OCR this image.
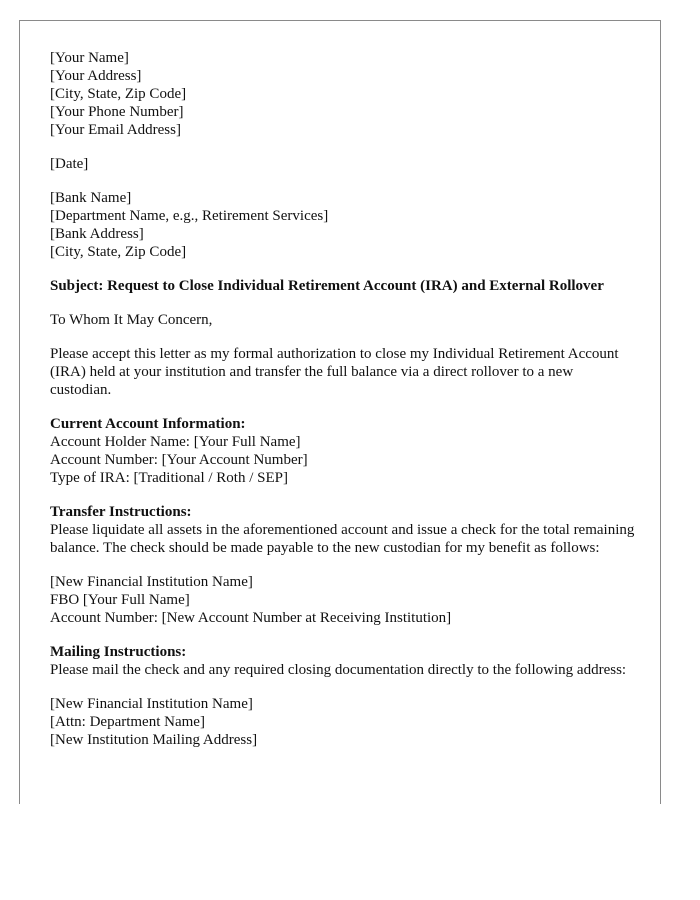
[Your Name]
[Your Address]
[City, State, Zip Code]
[Your Phone Number]
[Your Email Address]
[Date]
[Bank Name]
[Department Name, e.g., Retirement Services]
[Bank Address]
[City, State, Zip Code]
Subject: Request to Close Individual Retirement Account (IRA) and External Rollover
To Whom It May Concern,
Please accept this letter as my formal authorization to close my Individual Retirement Account (IRA) held at your institution and transfer the full balance via a direct rollover to a new custodian.
Current Account Information:
Account Holder Name: [Your Full Name]
Account Number: [Your Account Number]
Type of IRA: [Traditional / Roth / SEP]
Transfer Instructions:
Please liquidate all assets in the aforementioned account and issue a check for the total remaining balance. The check should be made payable to the new custodian for my benefit as follows:
[New Financial Institution Name]
FBO [Your Full Name]
Account Number: [New Account Number at Receiving Institution]
Mailing Instructions:
Please mail the check and any required closing documentation directly to the following address:
[New Financial Institution Name]
[Attn: Department Name]
[New Institution Mailing Address]
